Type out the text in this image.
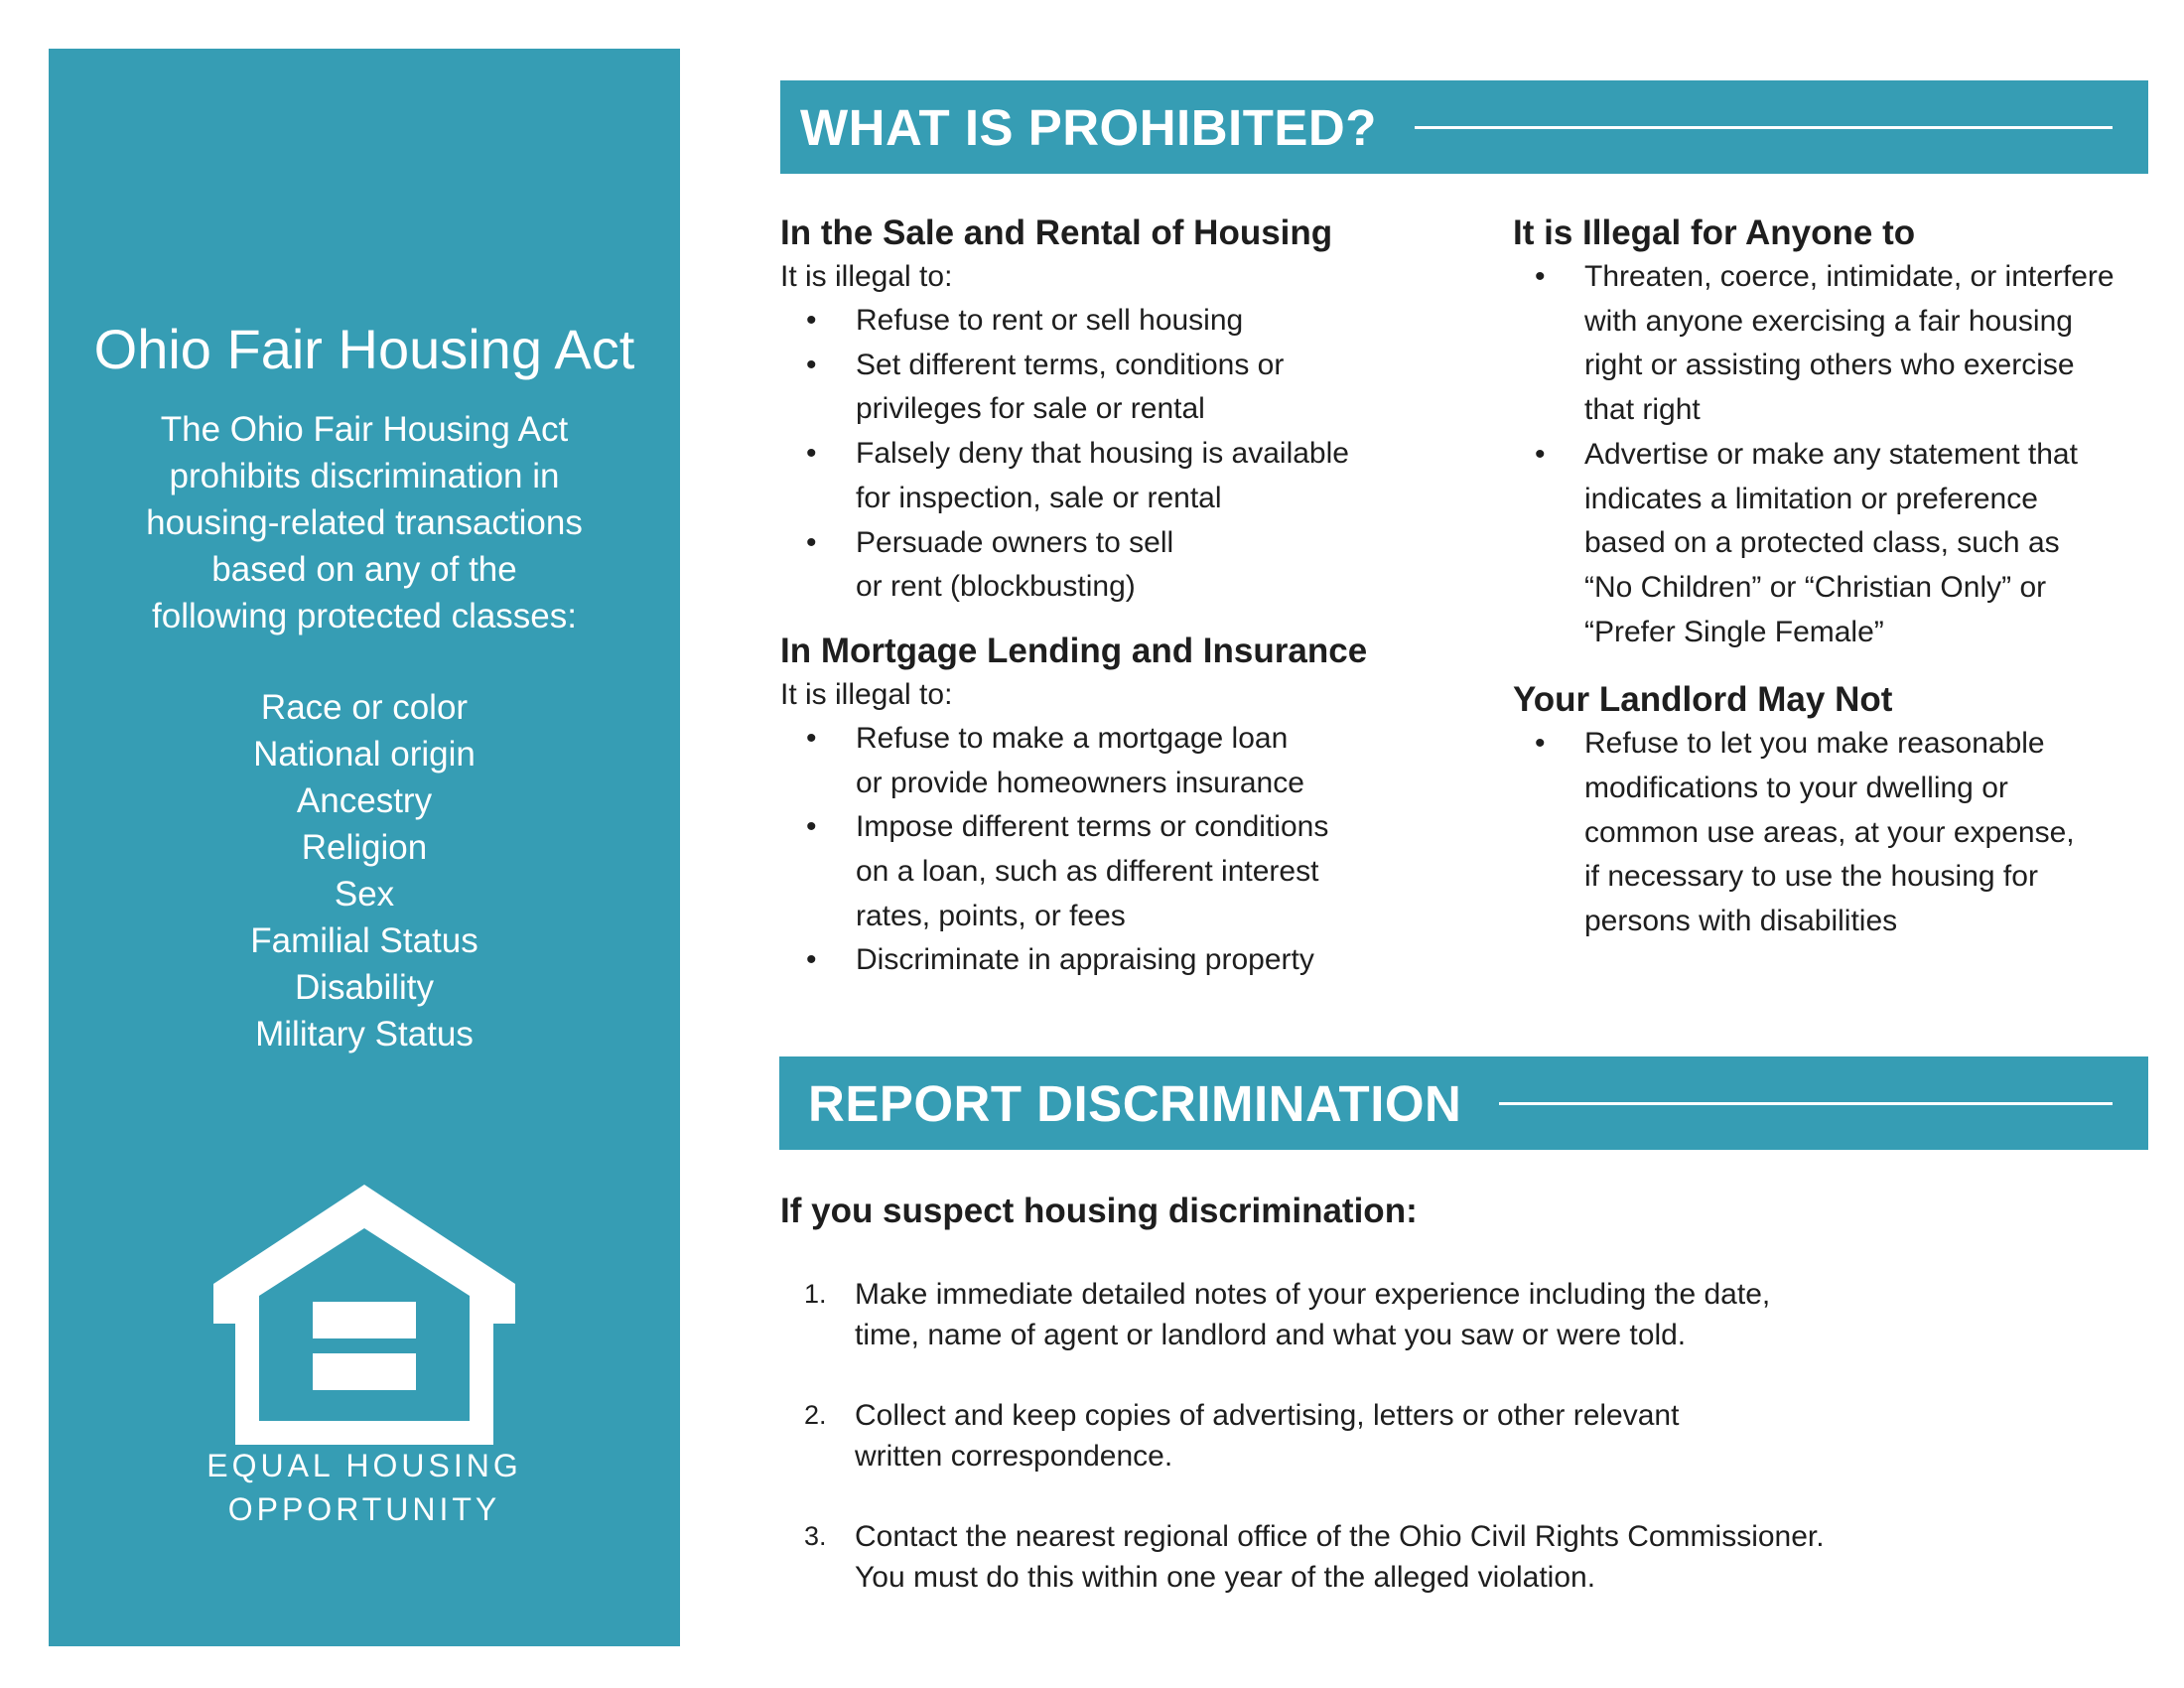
Ohio Fair Housing Act

The Ohio Fair Housing Act
prohibits discrimination in
housing-related transactions
based on any of the
following protected classes:

Race or color
National origin
Ancestry
Religion
Sex
Familial Status
Disability
Military Status
EQUAL HOUSING
OPPORTUNITY
WHAT IS PROHIBITED?
In the Sale and Rental of Housing

It is illegal to:

• Refuse to rent or sell housing
• Set different terms, conditions or
privileges for sale or rental
• Falsely deny that housing is available
for inspection, sale or rental
• Persuade owners to sell
or rent (blockbusting)
In Mortgage Lending and Insurance

It is illegal to:

• Refuse to make a mortgage loan
or provide homeowners insurance
• Impose different terms or conditions
on a loan, such as different interest
rates, points, or fees
• Discriminate in appraising property
It is Illegal for Anyone to
• Threaten, coerce, intimidate, or interfere
with anyone exercising a fair housing
right or assisting others who exercise
that right
• Advertise or make any statement that
indicates a limitation or preference
based on a protected class, such as
“No Children” or “Christian Only” or
“Prefer Single Female”
Your Landlord May Not
• Refuse to let you make reasonable
modifications to your dwelling or
common use areas, at your expense,
if necessary to use the housing for
persons with disabilities
REPORT DISCRIMINATION
If you suspect housing discrimination:
1. Make immediate detailed notes of your experience including the date,
time, name of agent or landlord and what you saw or were told.
2. Collect and keep copies of advertising, letters or other relevant
written correspondence.
3. Contact the nearest regional office of the Ohio Civil Rights Commissioner.
You must do this within one year of the alleged violation.
